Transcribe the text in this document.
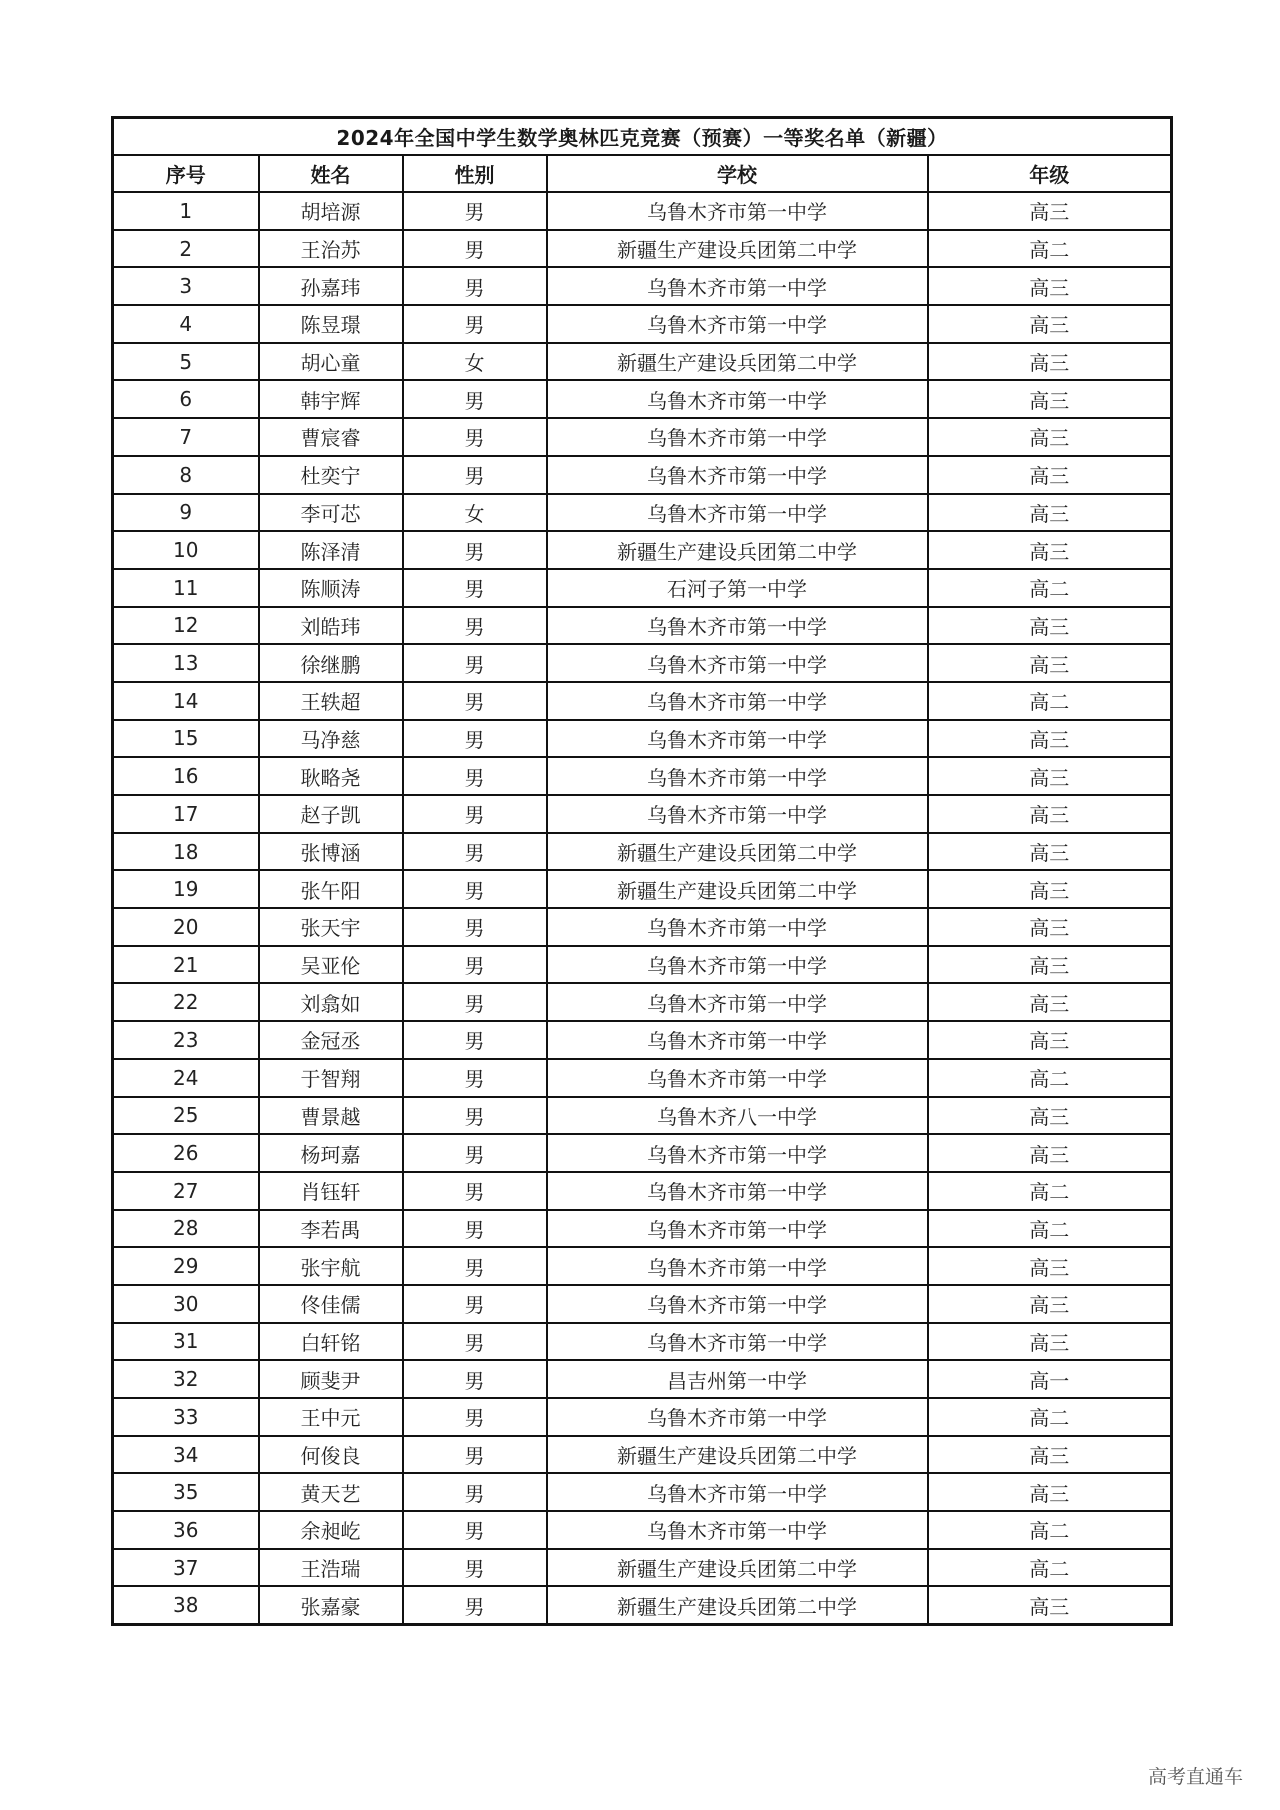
2024年全国中学生数学奥林匹克竞赛（预赛）一等奖名单（新疆）				
序号	姓名	性别	学校	年级
1	胡培源	男	乌鲁木齐市第一中学	高三
2	王治苏	男	新疆生产建设兵团第二中学	高二
3	孙嘉玮	男	乌鲁木齐市第一中学	高三
4	陈昱璟	男	乌鲁木齐市第一中学	高三
5	胡心童	女	新疆生产建设兵团第二中学	高三
6	韩宇辉	男	乌鲁木齐市第一中学	高三
7	曹宸睿	男	乌鲁木齐市第一中学	高三
8	杜奕宁	男	乌鲁木齐市第一中学	高三
9	李可芯	女	乌鲁木齐市第一中学	高三
10	陈泽清	男	新疆生产建设兵团第二中学	高三
11	陈顺涛	男	石河子第一中学	高二
12	刘皓玮	男	乌鲁木齐市第一中学	高三
13	徐继鹏	男	乌鲁木齐市第一中学	高三
14	王轶超	男	乌鲁木齐市第一中学	高二
15	马净慈	男	乌鲁木齐市第一中学	高三
16	耿略尧	男	乌鲁木齐市第一中学	高三
17	赵子凯	男	乌鲁木齐市第一中学	高三
18	张博涵	男	新疆生产建设兵团第二中学	高三
19	张午阳	男	新疆生产建设兵团第二中学	高三
20	张天宇	男	乌鲁木齐市第一中学	高三
21	吴亚伦	男	乌鲁木齐市第一中学	高三
22	刘翕如	男	乌鲁木齐市第一中学	高三
23	金冠丞	男	乌鲁木齐市第一中学	高三
24	于智翔	男	乌鲁木齐市第一中学	高二
25	曹景越	男	乌鲁木齐八一中学	高三
26	杨珂嘉	男	乌鲁木齐市第一中学	高三
27	肖钰轩	男	乌鲁木齐市第一中学	高二
28	李若禺	男	乌鲁木齐市第一中学	高二
29	张宇航	男	乌鲁木齐市第一中学	高三
30	佟佳儒	男	乌鲁木齐市第一中学	高三
31	白轩铭	男	乌鲁木齐市第一中学	高三
32	顾斐尹	男	昌吉州第一中学	高一
33	王中元	男	乌鲁木齐市第一中学	高二
34	何俊良	男	新疆生产建设兵团第二中学	高三
35	黄天艺	男	乌鲁木齐市第一中学	高三
36	余昶屹	男	乌鲁木齐市第一中学	高二
37	王浩瑞	男	新疆生产建设兵团第二中学	高二
38	张嘉豪	男	新疆生产建设兵团第二中学	高三
高考直通车
